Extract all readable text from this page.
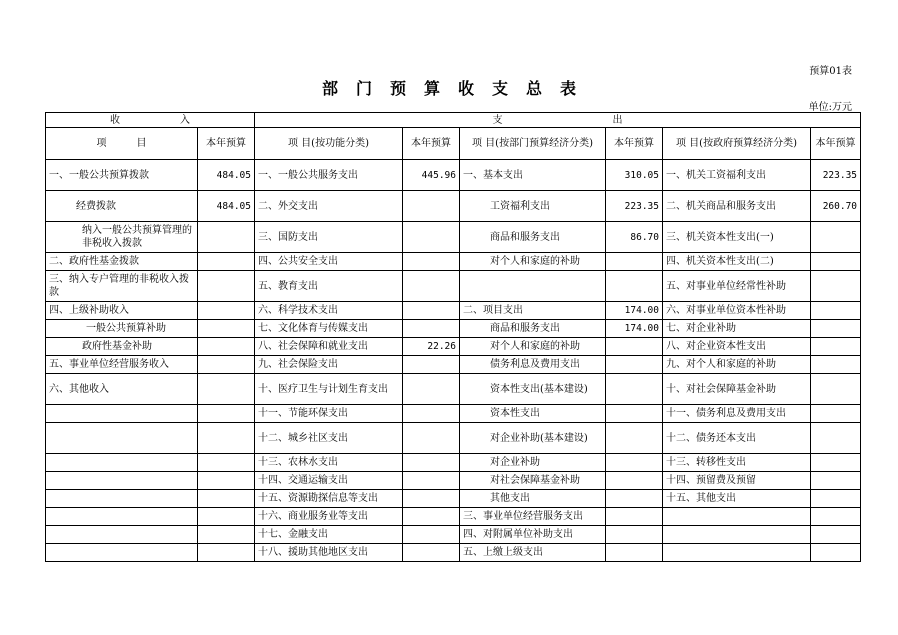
预算01表
部门预算收支总表
单位:万元
收　　　　　　入		支　　　　　　　　　　　出					
项　　　目	本年预算	项 目(按功能分类)	本年预算	项 目(按部门预算经济分类)	本年预算	项 目(按政府预算经济分类)	本年预算
一、一般公共预算拨款	484.05	一、一般公共服务支出	445.96	一、基本支出	310.05	一、机关工资福利支出	223.35
经费拨款	484.05	二、外交支出		工资福利支出	223.35	二、机关商品和服务支出	260.70
纳入一般公共预算管理的非税收入拨款		三、国防支出		商品和服务支出	86.70	三、机关资本性支出(一)	
二、政府性基金拨款		四、公共安全支出		对个人和家庭的补助		四、机关资本性支出(二)	
三、纳入专户管理的非税收入拨款		五、教育支出				五、对事业单位经常性补助	
四、上级补助收入		六、科学技术支出		二、项目支出	174.00	六、对事业单位资本性补助	
一般公共预算补助		七、文化体育与传媒支出		商品和服务支出	174.00	七、对企业补助	
政府性基金补助		八、社会保障和就业支出	22.26	对个人和家庭的补助		八、对企业资本性支出	
五、事业单位经营服务收入		九、社会保险支出		债务利息及费用支出		九、对个人和家庭的补助	
六、其他收入		十、医疗卫生与计划生育支出		资本性支出(基本建设)		十、对社会保障基金补助	
		十一、节能环保支出		资本性支出		十一、债务利息及费用支出	
		十二、城乡社区支出		对企业补助(基本建设)		十二、债务还本支出	
		十三、农林水支出		对企业补助		十三、转移性支出	
		十四、交通运输支出		对社会保障基金补助		十四、预留费及预留	
		十五、资源勘探信息等支出		其他支出		十五、其他支出	
		十六、商业服务业等支出		三、事业单位经营服务支出			
		十七、金融支出		四、对附属单位补助支出			
		十八、援助其他地区支出		五、上缴上级支出			
